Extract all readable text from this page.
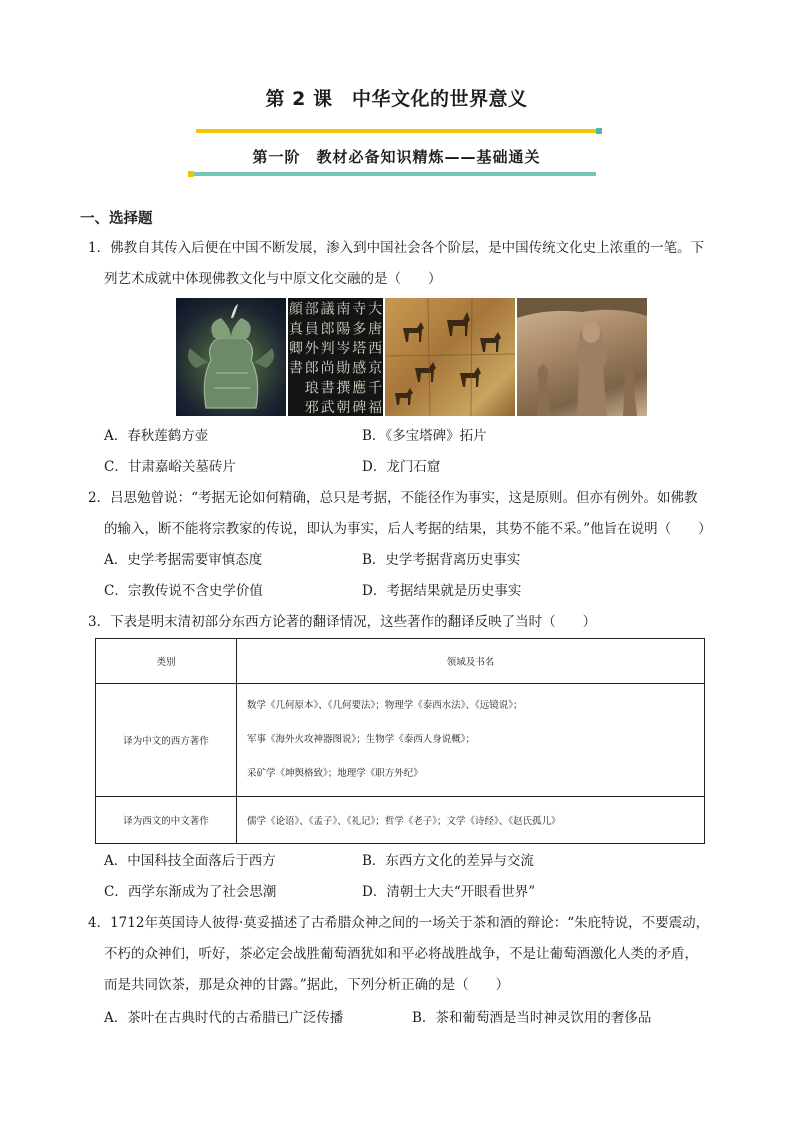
第 2 课　中华文化的世界意义
第一阶　教材必备知识精炼——基础通关
一、选择题
1．佛教自其传入后便在中国不断发展，渗入到中国社会各个阶层，是中国传统文化史上浓重的一笔。下
列艺术成就中体现佛教文化与中原文化交融的是（　　）
大
唐
西
京
千
福
寺
多
塔
感
應
碑
南
陽
岑
勛
撰
朝
議
郎
判
尚
書
武
部
員
外
郎
琅
邪
顔
真
卿
書
A．春秋莲鹤方壶	B．《多宝塔碑》拓片
C．甘肃嘉峪关墓砖片	D．龙门石窟
2．吕思勉曾说：“考据无论如何精确，总只是考据，不能径作为事实，这是原则。但亦有例外。如佛教
的输入，断不能将宗教家的传说，即认为事实，后人考据的结果，其势不能不采。”他旨在说明（　　）
A．史学考据需要审慎态度	B．史学考据背离历史事实
C．宗教传说不含史学价值	D．考据结果就是历史事实
3．下表是明末清初部分东西方论著的翻译情况，这些著作的翻译反映了当时（　　）
类别	领域及书名
译为中文的西方著作	数学《几何原本》、《几何要法》；物理学《泰西水法》、《远镜说》；
军事《海外火攻神器图说》；生物学《泰西人身说概》；
采矿学《坤舆格致》；地理学《职方外纪》

译为西文的中文著作	儒学《论语》、《孟子》、《礼记》；哲学《老子》；文学《诗经》、《赵氏孤儿》
A．中国科技全面落后于西方	B．东西方文化的差异与交流
C．西学东渐成为了社会思潮	D．清朝士大夫“开眼看世界”
4．1712年英国诗人彼得·莫妥描述了古希腊众神之间的一场关于茶和酒的辩论：“朱庇特说，不要震动，
不朽的众神们，听好，茶必定会战胜葡萄酒犹如和平必将战胜战争，不是让葡萄酒激化人类的矛盾，
而是共同饮茶，那是众神的甘露。”据此，下列分析正确的是（　　）
A．茶叶在古典时代的古希腊已广泛传播	B．茶和葡萄酒是当时神灵饮用的奢侈品
